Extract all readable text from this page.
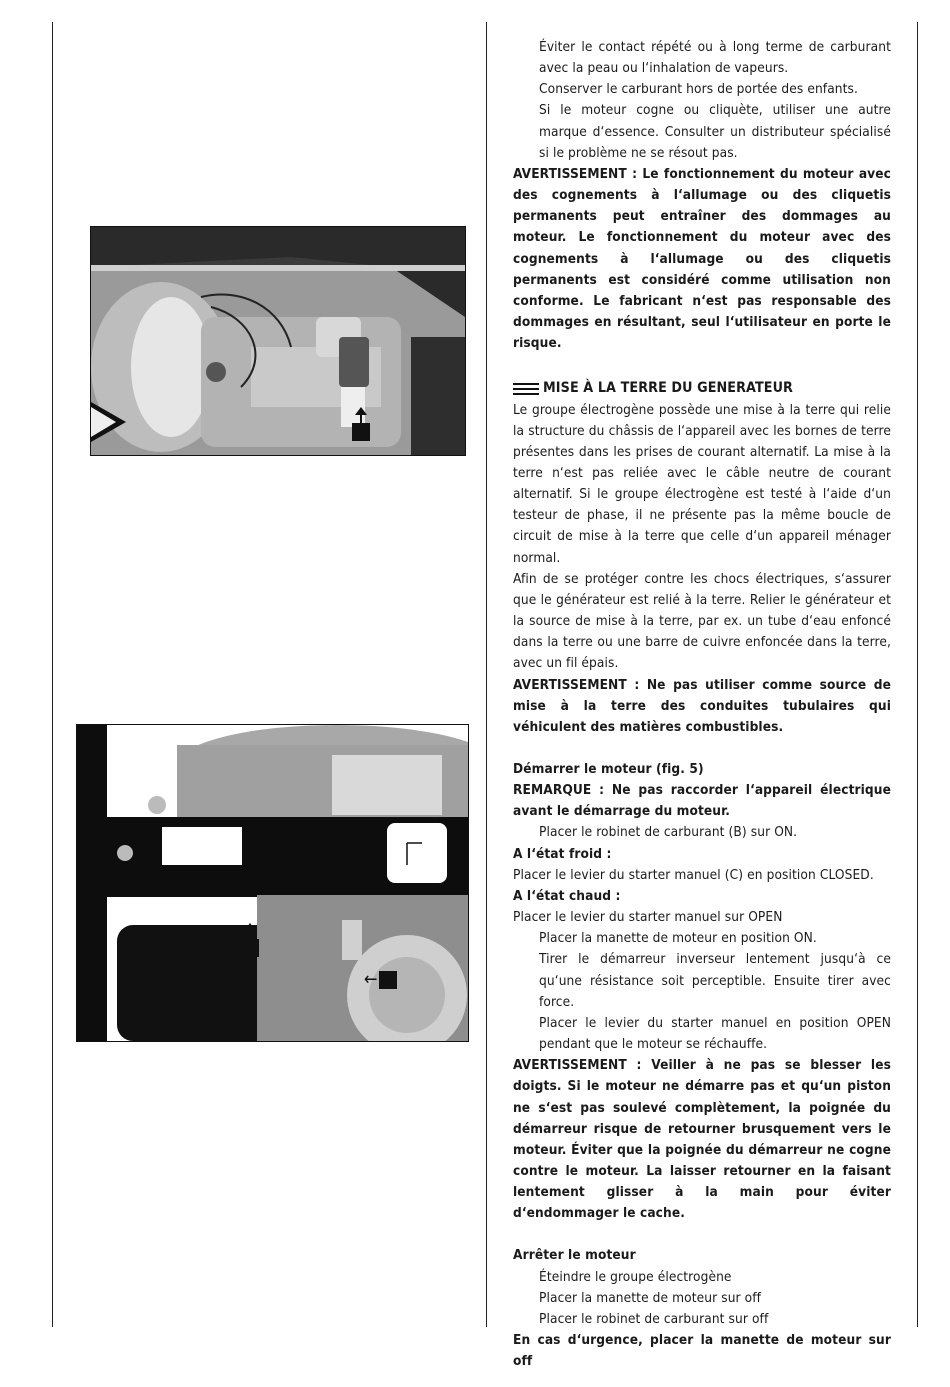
←

Éviter le contact répété ou à long terme de carburant avec la peau ou l‘inhalation de vapeurs.

Conserver le carburant hors de portée des enfants.

Si le moteur cogne ou cliquète, utiliser une autre marque d‘essence. Consulter un distributeur spécialisé si le problème ne se résout pas.

AVERTISSEMENT : Le fonctionnement du moteur avec des cognements à l‘allumage ou des cliquetis permanents peut entraîner des dommages au moteur. Le fonctionnement du moteur avec des cognements à l‘allumage ou des cliquetis permanents est considéré comme utilisation non conforme. Le fabricant n‘est pas responsable des dommages en résultant, seul l‘utilisateur en porte le risque.

MISE À LA TERRE DU GENERATEUR

Le groupe électrogène possède une mise à la terre qui relie la structure du châssis de l‘appareil avec les bornes de terre présentes dans les prises de courant alternatif. La mise à la terre n‘est pas reliée avec le câble neutre de courant alternatif. Si le groupe électrogène est testé à l‘aide d‘un testeur de phase, il ne présente pas la même boucle de circuit de mise à la terre que celle d‘un appareil ménager normal.

Afin de se protéger contre les chocs électriques, s‘assurer que le générateur est relié à la terre. Relier le générateur et la source de mise à la terre, par ex. un tube d‘eau enfoncé dans la terre ou une barre de cuivre enfoncée dans la terre, avec un fil épais.

AVERTISSEMENT : Ne pas utiliser comme source de mise à la terre des conduites tubulaires qui véhiculent des matières combustibles.

Démarrer le moteur (fig. 5)

REMARQUE : Ne pas raccorder l‘appareil électrique avant le démarrage du moteur.

Placer le robinet de carburant (B) sur ON.

A l‘état froid :

Placer le levier du starter manuel (C) en position CLOSED.

A l‘état chaud :

Placer le levier du starter manuel sur OPEN

Placer la manette de moteur en position ON.

Tirer le démarreur inverseur lentement jusqu‘à ce qu‘une résistance soit perceptible. Ensuite tirer avec force.

Placer le levier du starter manuel en position OPEN pendant que le moteur se réchauffe.

AVERTISSEMENT : Veiller à ne pas se blesser les doigts. Si le moteur ne démarre pas et qu‘un piston ne s‘est pas soulevé complètement, la poignée du démarreur risque de retourner brusquement vers le moteur. Éviter que la poignée du démarreur ne cogne contre le moteur. La laisser retourner en la faisant lentement glisser à la main pour éviter d‘endommager le cache.

Arrêter le moteur

Éteindre le groupe électrogène

Placer la manette de moteur sur off

Placer le robinet de carburant sur off

En cas d‘urgence, placer la manette de moteur sur off
